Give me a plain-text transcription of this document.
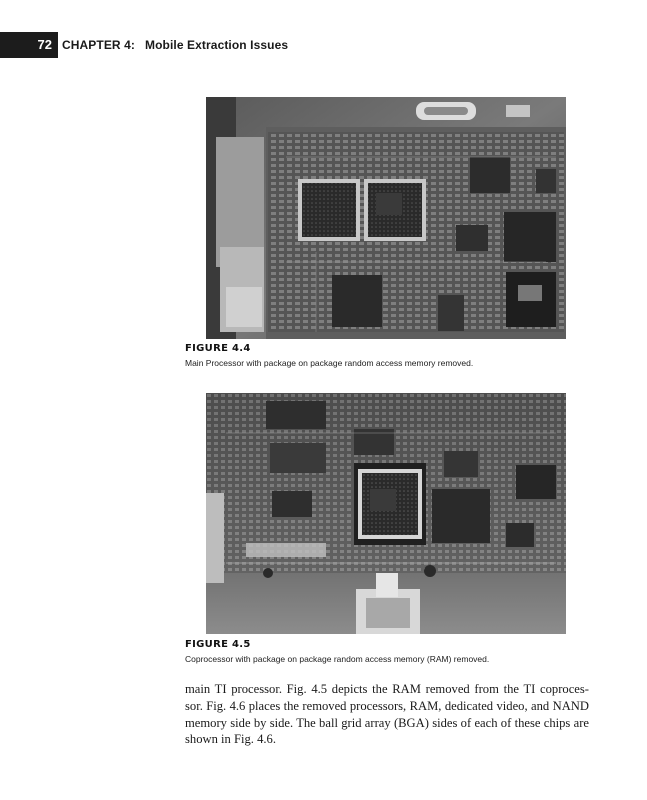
72 CHAPTER 4: Mobile Extraction Issues
FIGURE 4.4
Main Processor with package on package random access memory removed.
FIGURE 4.5
Coprocessor with package on package random access memory (RAM) removed.
main TI processor. Fig. 4.5 depicts the RAM removed from the TI coproces-
sor. Fig. 4.6 places the removed processors, RAM, dedicated video, and NAND
memory side by side. The ball grid array (BGA) sides of each of these chips are
shown in Fig. 4.6.
